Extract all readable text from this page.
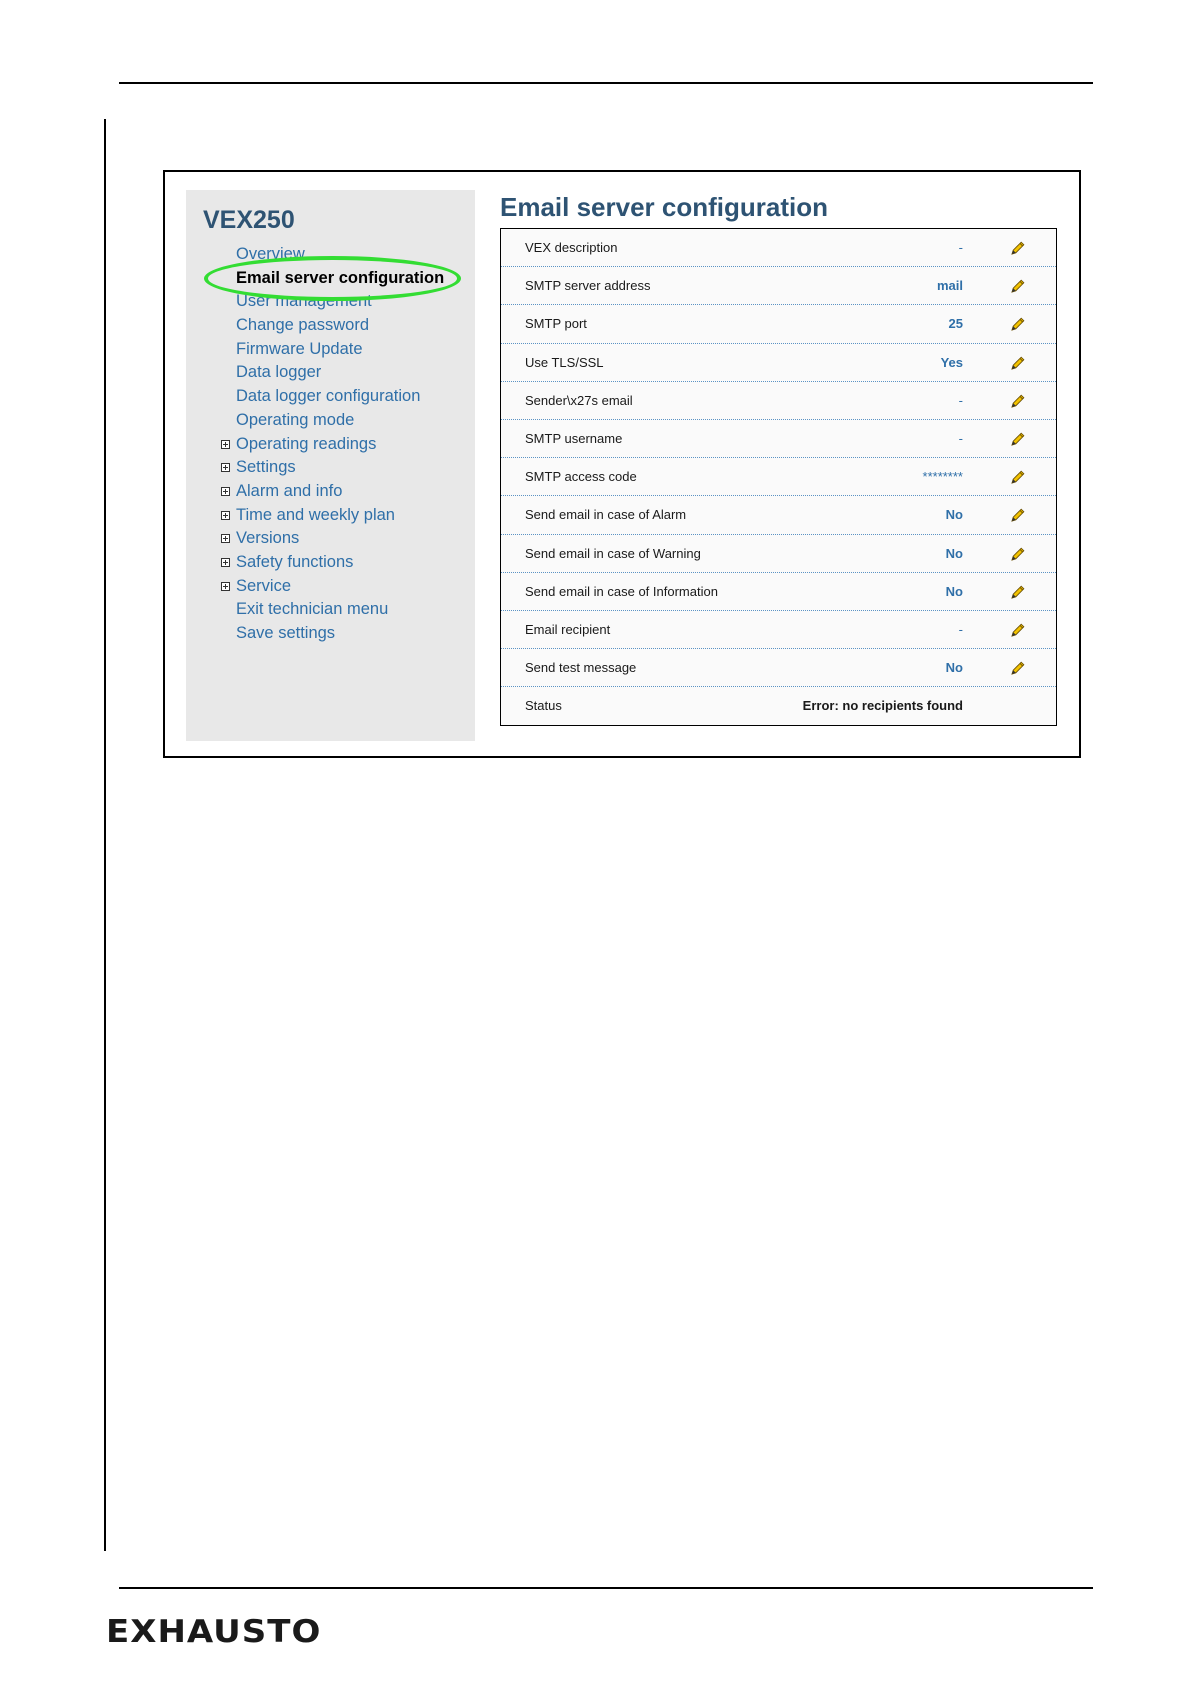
VEX250
Overview
Email server configuration
User management
Change password
Firmware Update
Data logger
Data logger configuration
Operating mode
Operating readings
Settings
Alarm and info
Time and weekly plan
Versions
Safety functions
Service
Exit technician menu
Save settings
Email server configuration
VEX description	-
SMTP server address	mail
SMTP port	25
Use TLS/SSL	Yes
Sender\x27s email	-
SMTP username	-
SMTP access code	********
Send email in case of Alarm	No
Send email in case of Warning	No
Send email in case of Information	No
Email recipient	-
Send test message	No
Status	Error: no recipients found
EXHAUSTO
